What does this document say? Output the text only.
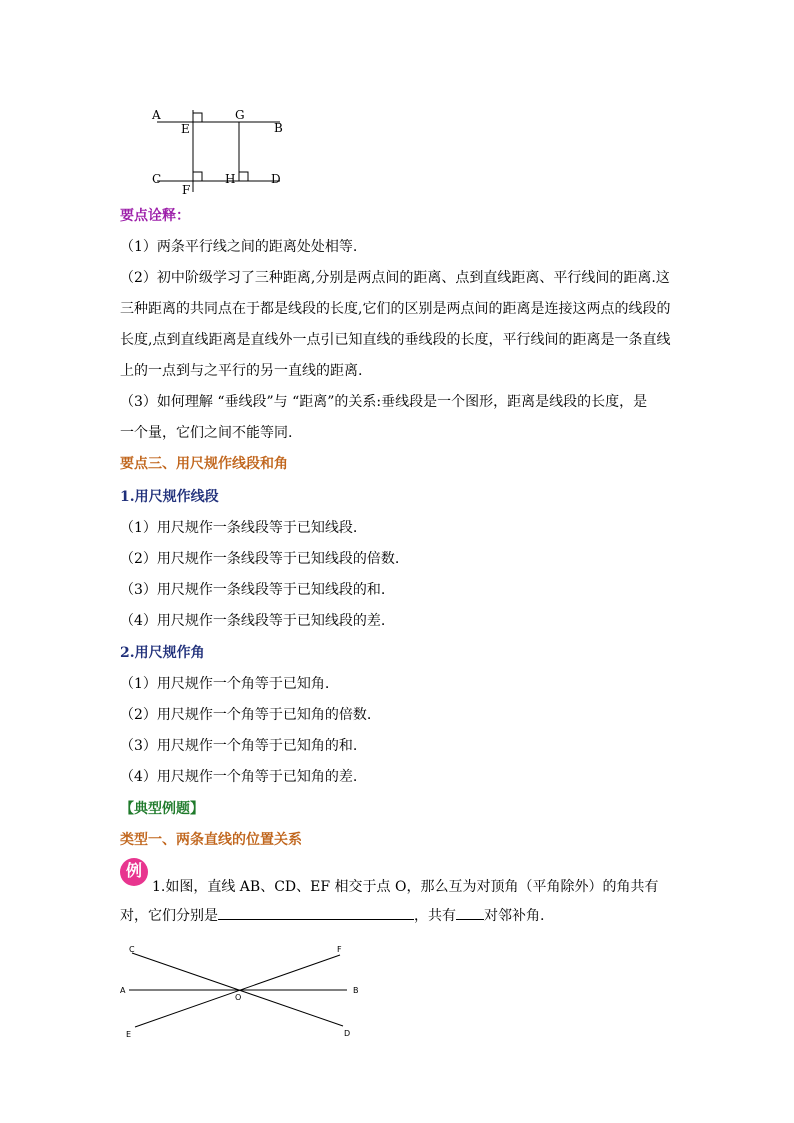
A
E
G
B
C
F
H	D
要点诠释：
（1）两条平行线之间的距离处处相等.
（2）初中阶级学习了三种距离,分别是两点间的距离、点到直线距离、平行线间的距离.这
三种距离的共同点在于都是线段的长度,它们的区别是两点间的距离是连接这两点的线段的
长度,点到直线距离是直线外一点引已知直线的垂线段的长度，平行线间的距离是一条直线
上的一点到与之平行的另一直线的距离.
（3）如何理解 “垂线段”与 “距离”的关系:垂线段是一个图形，距离是线段的长度，是
一个量，它们之间不能等同.
要点三、用尺规作线段和角
1.用尺规作线段
（1）用尺规作一条线段等于已知线段.
（2）用尺规作一条线段等于已知线段的倍数.
（3）用尺规作一条线段等于已知线段的和.
（4）用尺规作一条线段等于已知线段的差.
2.用尺规作角
（1）用尺规作一个角等于已知角.
（2）用尺规作一个角等于已知角的倍数.
（3）用尺规作一个角等于已知角的和.
（4）用尺规作一个角等于已知角的差.
【典型例题】
类型一、两条直线的位置关系
例
1.如图，直线 AB、CD、EF 相交于点 O，那么互为对顶角（平角除外）的角共有
对，它们分别是	，共有 对邻补角.
C	F
A
O
B
E	D
